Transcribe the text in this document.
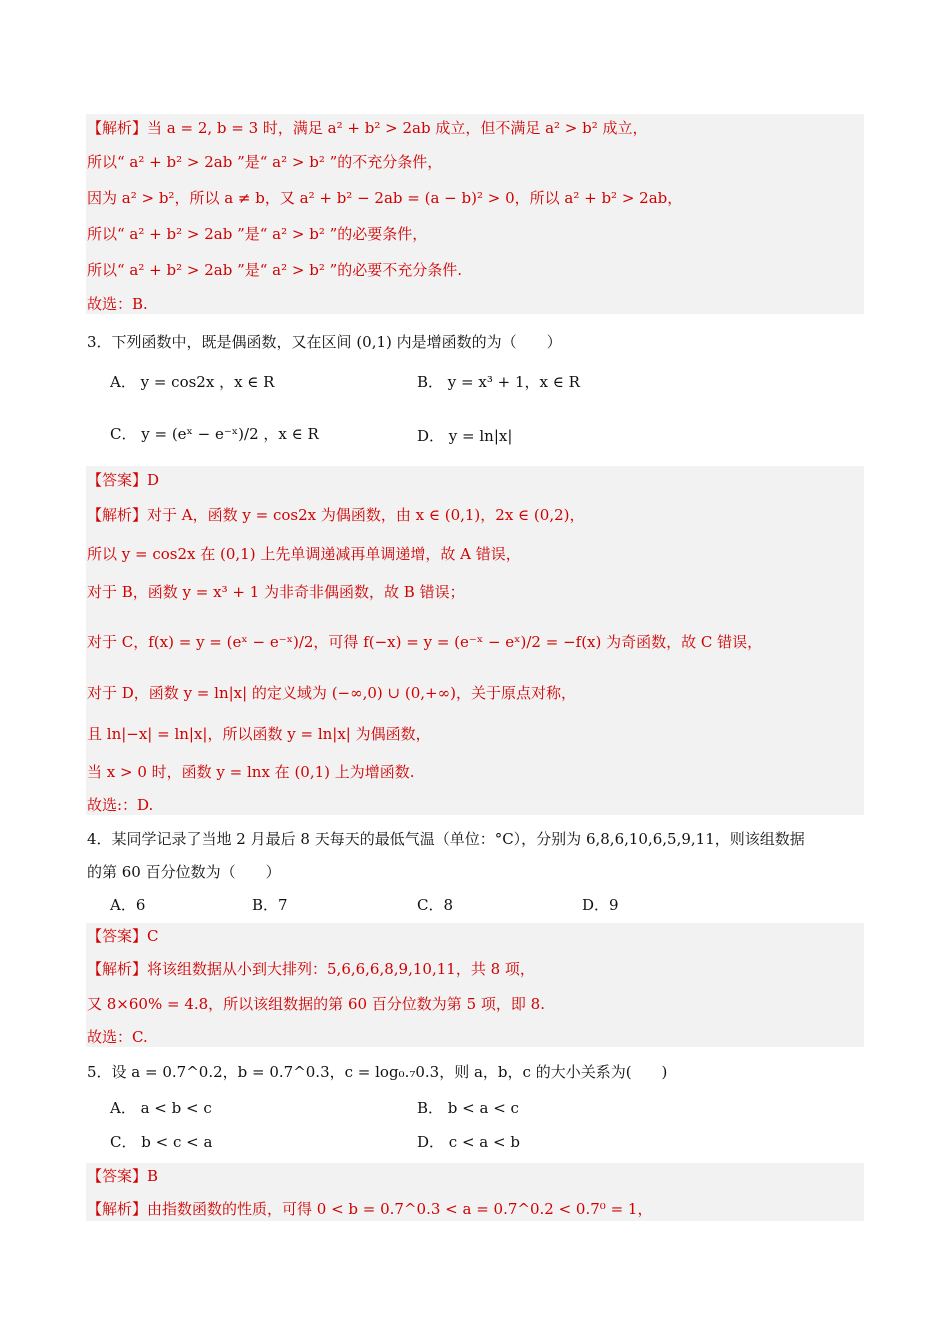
【解析】当 a = 2, b = 3 时，满足 a² + b² > 2ab 成立，但不满足 a² > b² 成立，
所以“ a² + b² > 2ab ”是“ a² > b² ”的不充分条件，
因为 a² > b²，所以 a ≠ b，又 a² + b² − 2ab = (a − b)² > 0，所以 a² + b² > 2ab，
所以“ a² + b² > 2ab ”是“ a² > b² ”的必要条件，
所以“ a² + b² > 2ab ”是“ a² > b² ”的必要不充分条件.
故选：B.
3．下列函数中，既是偶函数，又在区间 (0,1) 内是增函数的为（　　）
A． y = cos2x ，x ∈ R	B． y = x³ + 1，x ∈ R
C． y = (eˣ − e⁻ˣ)/2 ，x ∈ R	D． y = ln|x|
【答案】D
【解析】对于 A，函数 y = cos2x 为偶函数，由 x ∈ (0,1)，2x ∈ (0,2)，
所以 y = cos2x 在 (0,1) 上先单调递减再单调递增，故 A 错误，
对于 B，函数 y = x³ + 1 为非奇非偶函数，故 B 错误；
对于 C，f(x) = y = (eˣ − e⁻ˣ)/2，可得 f(−x) = y = (e⁻ˣ − eˣ)/2 = −f(x) 为奇函数，故 C 错误，
对于 D，函数 y = ln|x| 的定义域为 (−∞,0) ∪ (0,+∞)，关于原点对称，
且 ln|−x| = ln|x|，所以函数 y = ln|x| 为偶函数，
当 x > 0 时，函数 y = lnx 在 (0,1) 上为增函数.
故选:：D.
4．某同学记录了当地 2 月最后 8 天每天的最低气温（单位：°C），分别为 6,8,6,10,6,5,9,11，则该组数据
的第 60 百分位数为（　　）
A．6	B．7	C．8	D．9
【答案】C
【解析】将该组数据从小到大排列：5,6,6,6,8,9,10,11，共 8 项，
又 8×60% = 4.8，所以该组数据的第 60 百分位数为第 5 项，即 8.
故选：C.
5．设 a = 0.7^0.2，b = 0.7^0.3，c = log₀.₇0.3，则 a，b，c 的大小关系为(　　)
A． a < b < c	B． b < a < c
C． b < c < a	D． c < a < b
【答案】B
【解析】由指数函数的性质，可得 0 < b = 0.7^0.3 < a = 0.7^0.2 < 0.7⁰ = 1，
